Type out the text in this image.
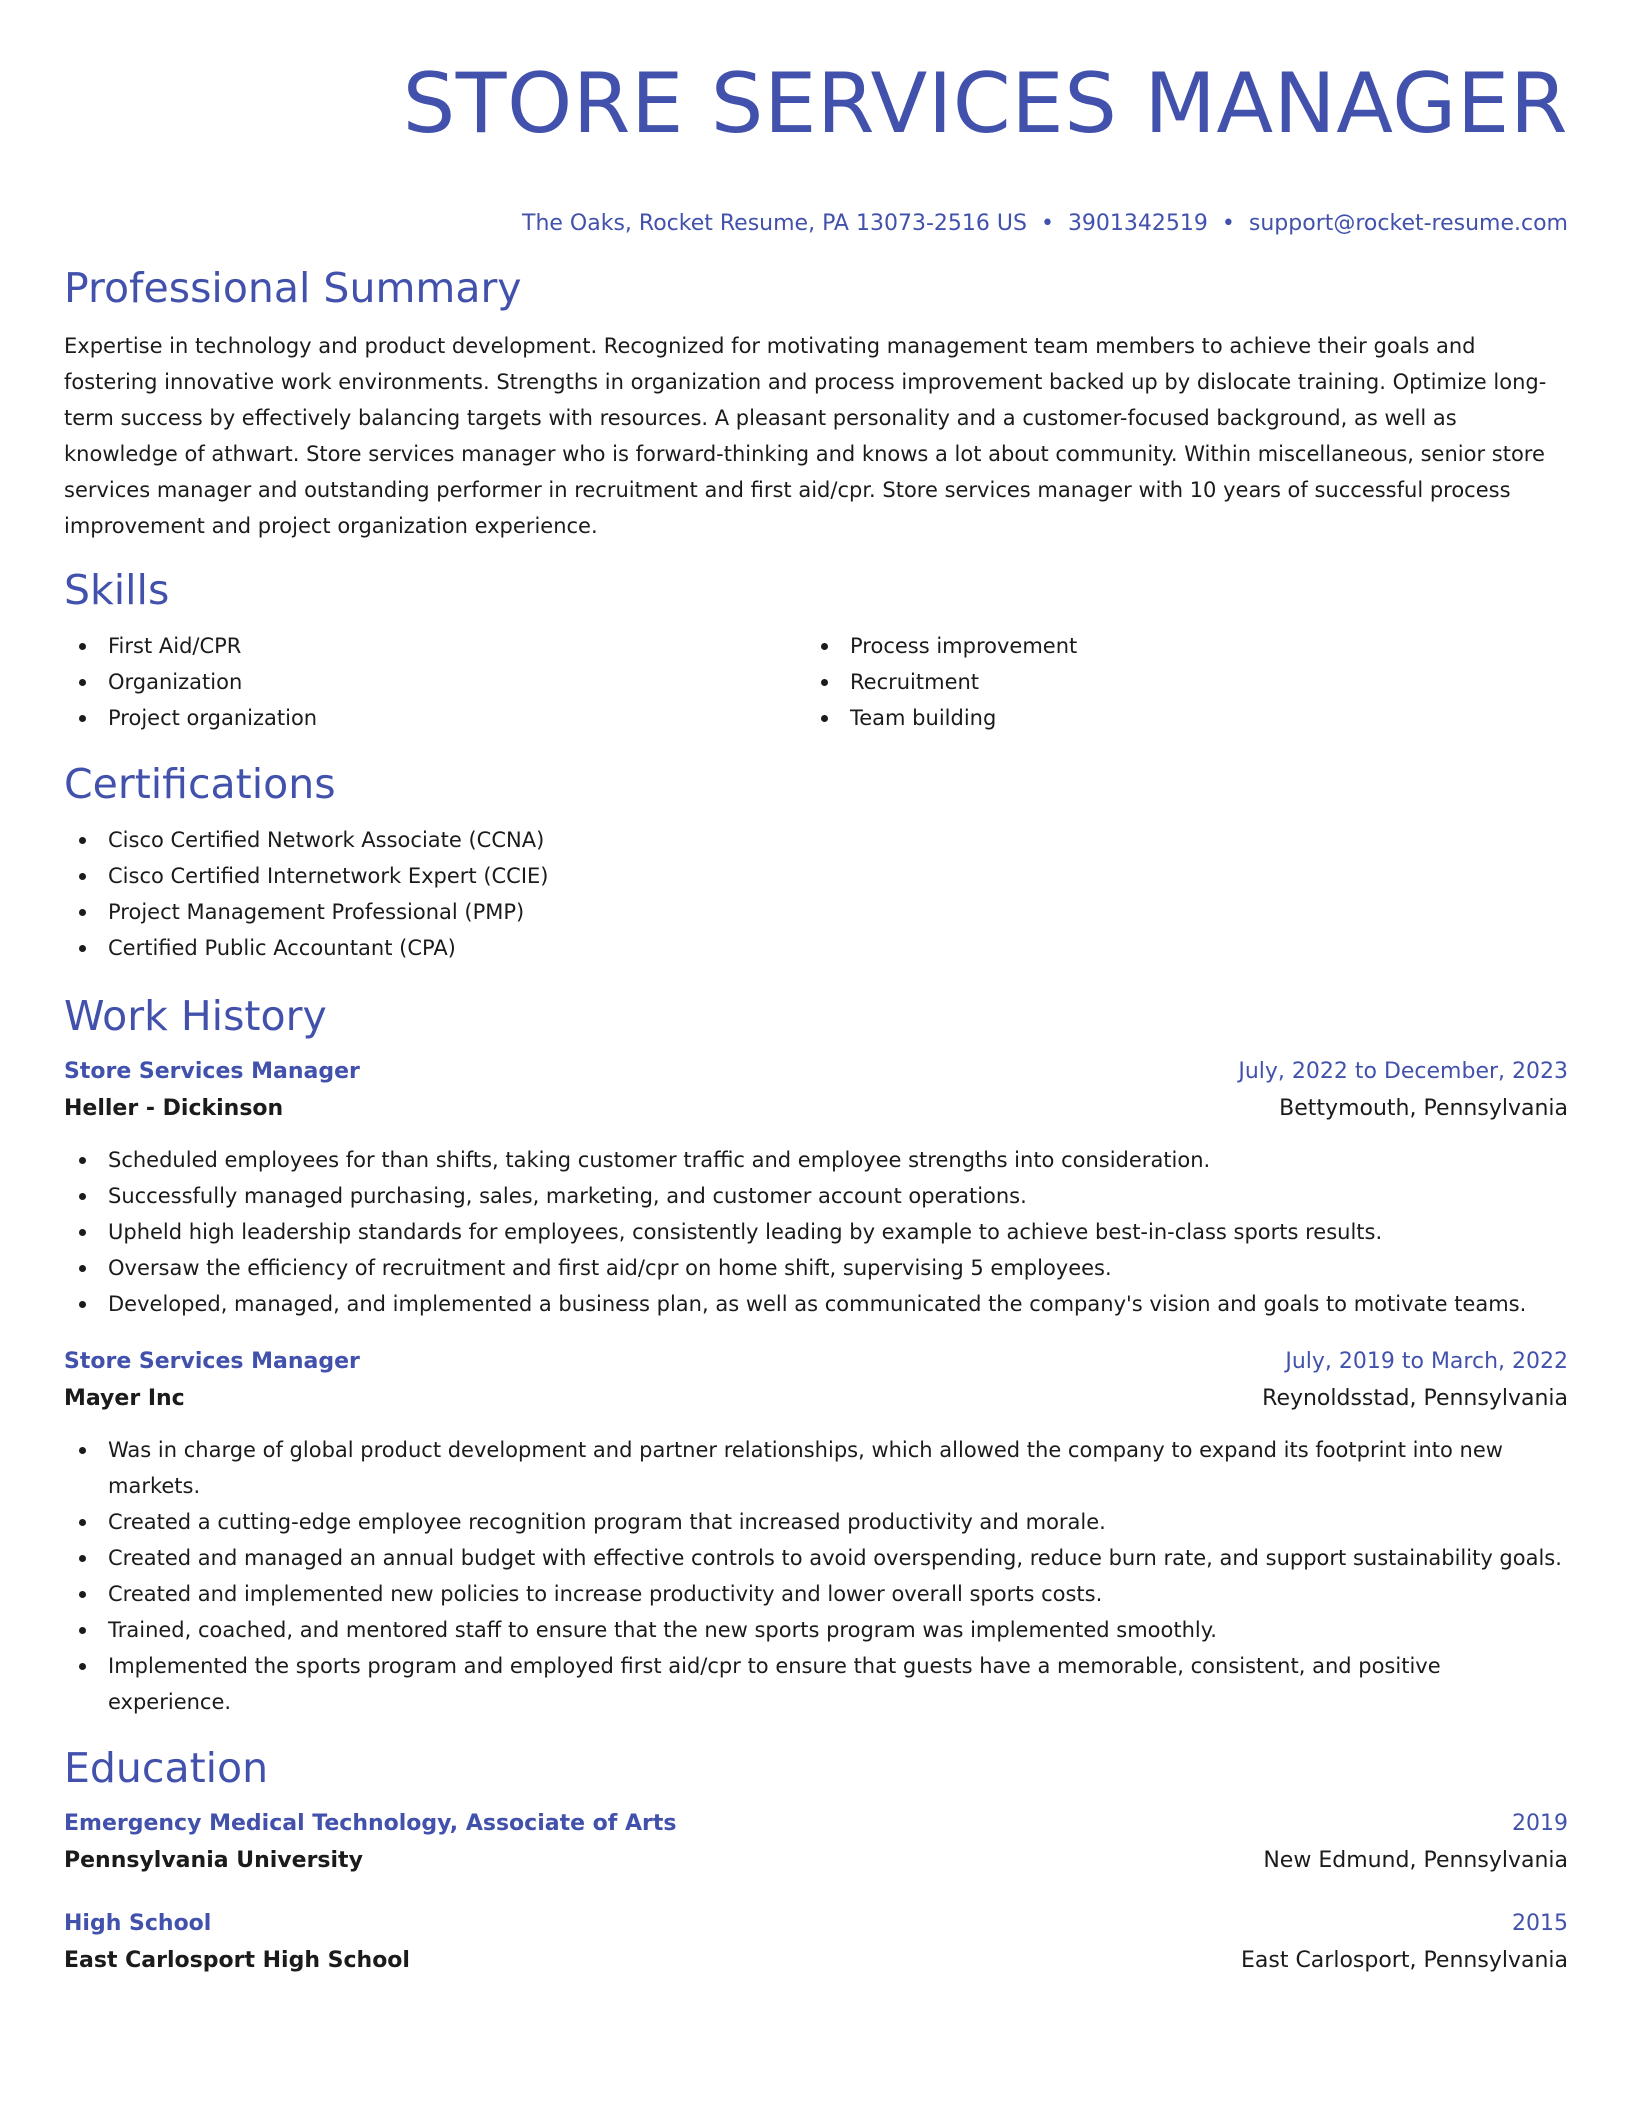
STORE SERVICES MANAGER
The Oaks, Rocket Resume, PA 13073-2516 US • 3901342519 • support@rocket-resume.com
Professional Summary

Expertise in technology and product development. Recognized for motivating management team members to achieve their goals and fostering innovative work environments. Strengths in organization and process improvement backed up by dislocate training. Optimize long-term success by effectively balancing targets with resources. A pleasant personality and a customer-focused background, as well as knowledge of athwart. Store services manager who is forward-thinking and knows a lot about community. Within miscellaneous, senior store services manager and outstanding performer in recruitment and first aid/cpr. Store services manager with 10 years of successful process improvement and project organization experience.

Skills
First Aid/CPR
Organization
Project organization
Process improvement
Recruitment
Team building
Certifications
Cisco Certified Network Associate (CCNA)
Cisco Certified Internetwork Expert (CCIE)
Project Management Professional (PMP)
Certified Public Accountant (CPA)
Work History
Store Services Manager	July, 2022 to December, 2023
Heller - Dickinson	Bettymouth, Pennsylvania
Scheduled employees for than shifts, taking customer traffic and employee strengths into consideration.
Successfully managed purchasing, sales, marketing, and customer account operations.
Upheld high leadership standards for employees, consistently leading by example to achieve best-in-class sports results.
Oversaw the efficiency of recruitment and first aid/cpr on home shift, supervising 5 employees.
Developed, managed, and implemented a business plan, as well as communicated the company's vision and goals to motivate teams.
Store Services Manager	July, 2019 to March, 2022
Mayer Inc	Reynoldsstad, Pennsylvania
Was in charge of global product development and partner relationships, which allowed the company to expand its footprint into new markets.
Created a cutting-edge employee recognition program that increased productivity and morale.
Created and managed an annual budget with effective controls to avoid overspending, reduce burn rate, and support sustainability goals.
Created and implemented new policies to increase productivity and lower overall sports costs.
Trained, coached, and mentored staff to ensure that the new sports program was implemented smoothly.
Implemented the sports program and employed first aid/cpr to ensure that guests have a memorable, consistent, and positive experience.
Education
Emergency Medical Technology, Associate of Arts	2019
Pennsylvania University	New Edmund, Pennsylvania
High School	2015
East Carlosport High School	East Carlosport, Pennsylvania
